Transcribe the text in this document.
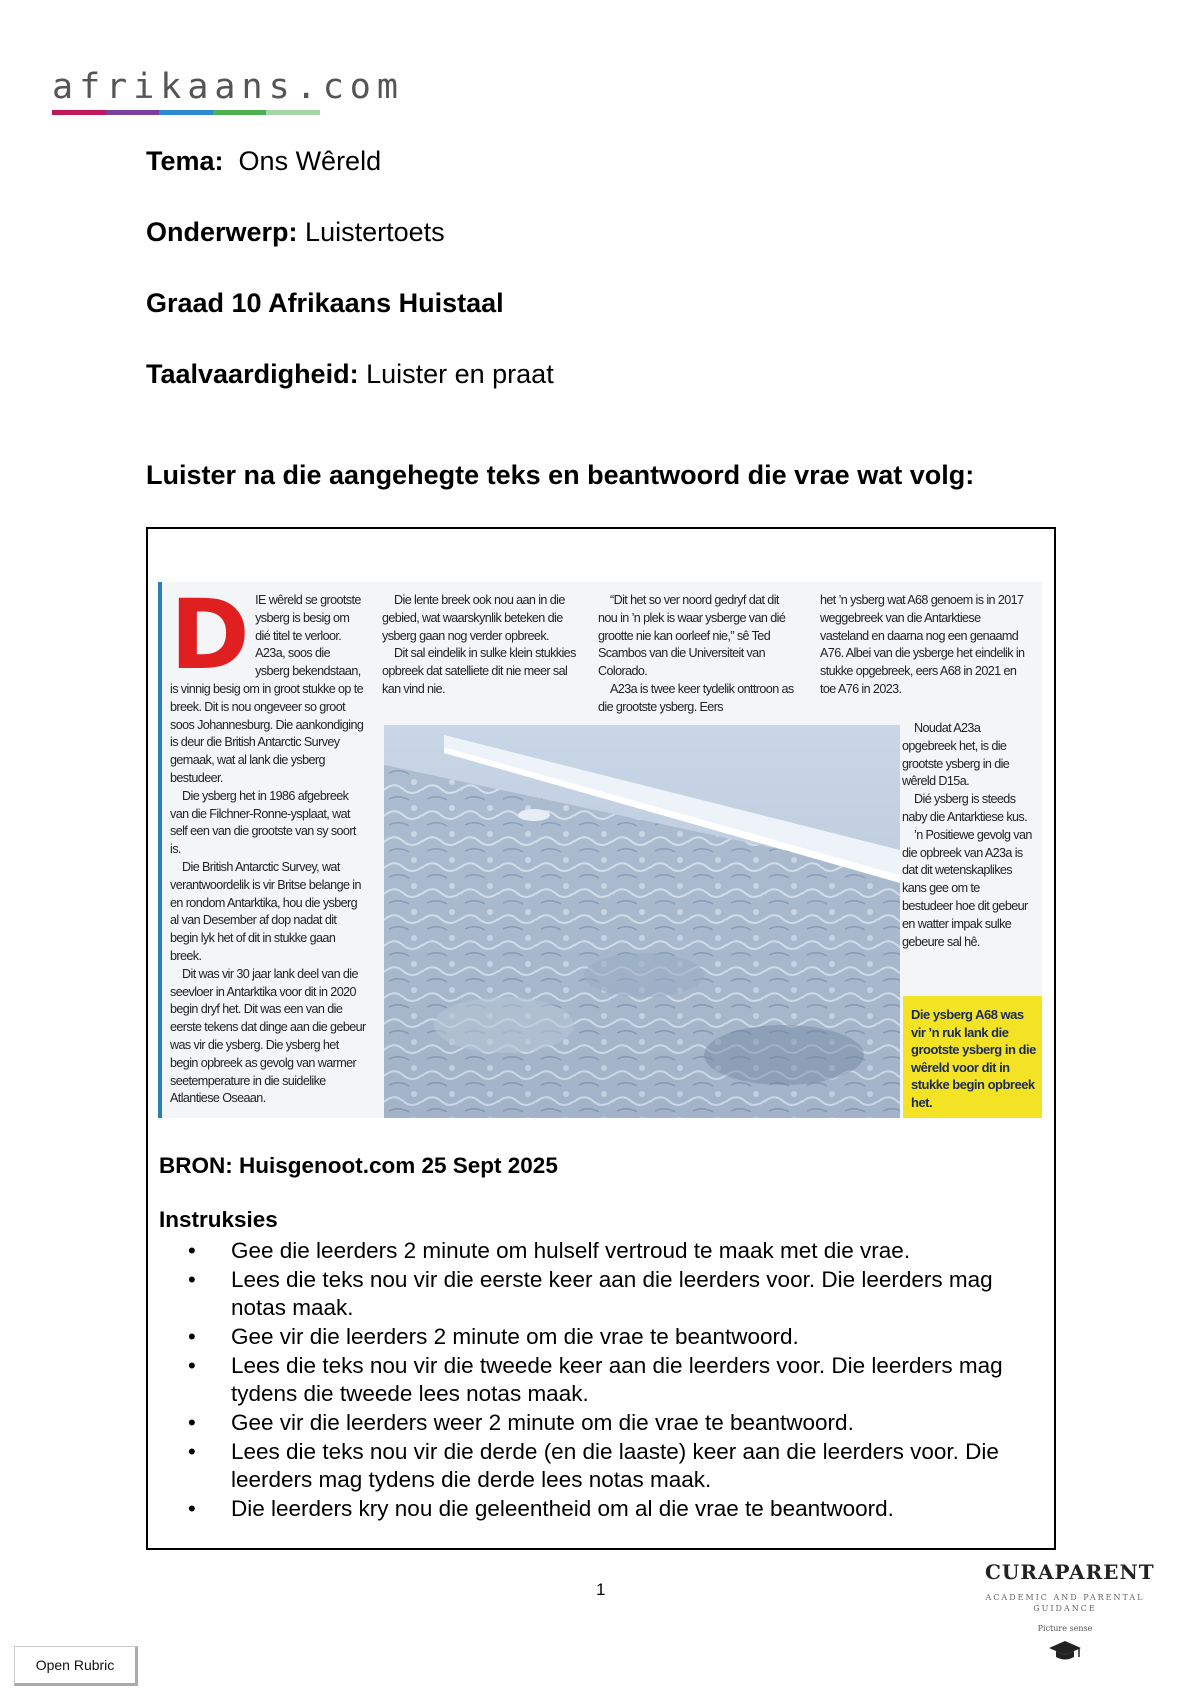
afrikaans.com
Tema: Ons Wêreld
Onderwerp: Luistertoets
Graad 10 Afrikaans Huistaal
Taalvaardigheid: Luister en praat
Luister na die aangehegte teks en beantwoord die vrae wat volg:
D IE wêreld se grootste ysberg is besig om dié titel te verloor. A23a, soos die ysberg bekendstaan, is vinnig besig om in groot stukke op te breek. Dit is nou ongeveer so groot soos Johannesburg. Die aankondiging is deur die British Antarctic Survey gemaak, wat al lank die ysberg bestudeer.

Die ysberg het in 1986 afgebreek van die Filchner-Ronne-ysplaat, wat self een van die grootste van sy soort is.

Die British Antarctic Survey, wat verantwoordelik is vir Britse belange in en rondom Antarktika, hou die ysberg al van Desember af dop nadat dit begin lyk het of dit in stukke gaan breek.

Dit was vir 30 jaar lank deel van die seevloer in Antarktika voor dit in 2020 begin dryf het. Dit was een van die eerste tekens dat dinge aan die gebeur was vir die ysberg. Die ysberg het begin opbreek as gevolg van warmer seetemperature in die suidelike Atlantiese Oseaan.

Die lente breek ook nou aan in die gebied, wat waarskynlik beteken die ysberg gaan nog verder opbreek.

Dit sal eindelik in sulke klein stukkies opbreek dat satelliete dit nie meer sal kan vind nie.

“Dit het so ver noord gedryf dat dit nou in ’n plek is waar ysberge van dié grootte nie kan oorleef nie,” sê Ted Scambos van die Universiteit van Colorado.

A23a is twee keer tydelik onttroon as die grootste ysberg. Eers

het ’n ysberg wat A68 genoem is in 2017 weggebreek van die Antarktiese vasteland en daarna nog een genaamd A76. Albei van die ysberge het eindelik in stukke opgebreek, eers A68 in 2021 en toe A76 in 2023.

Noudat A23a opgebreek het, is die grootste ysberg in die wêreld D15a.

Dié ysberg is steeds naby die Antarktiese kus.

’n Positiewe gevolg van die opbreek van A23a is dat dit wetenskaplikes kans gee om te bestudeer hoe dit gebeur en watter impak sulke gebeure sal hê.

Die ysberg A68 was vir ’n ruk lank die grootste ysberg in die wêreld voor dit in stukke begin opbreek het.
BRON: Huisgenoot.com 25 Sept 2025
Instruksies
• Gee die leerders 2 minute om hulself vertroud te maak met die vrae.
• Lees die teks nou vir die eerste keer aan die leerders voor. Die leerders mag notas maak.
• Gee vir die leerders 2 minute om die vrae te beantwoord.
• Lees die teks nou vir die tweede keer aan die leerders voor. Die leerders mag tydens die tweede lees notas maak.
• Gee vir die leerders weer 2 minute om die vrae te beantwoord.
• Lees die teks nou vir die derde (en die laaste) keer aan die leerders voor. Die leerders mag tydens die derde lees notas maak.
• Die leerders kry nou die geleentheid om al die vrae te beantwoord.
1
CURAPARENT
ACADEMIC AND PARENTAL GUIDANCE
Picture sense
Open Rubric
